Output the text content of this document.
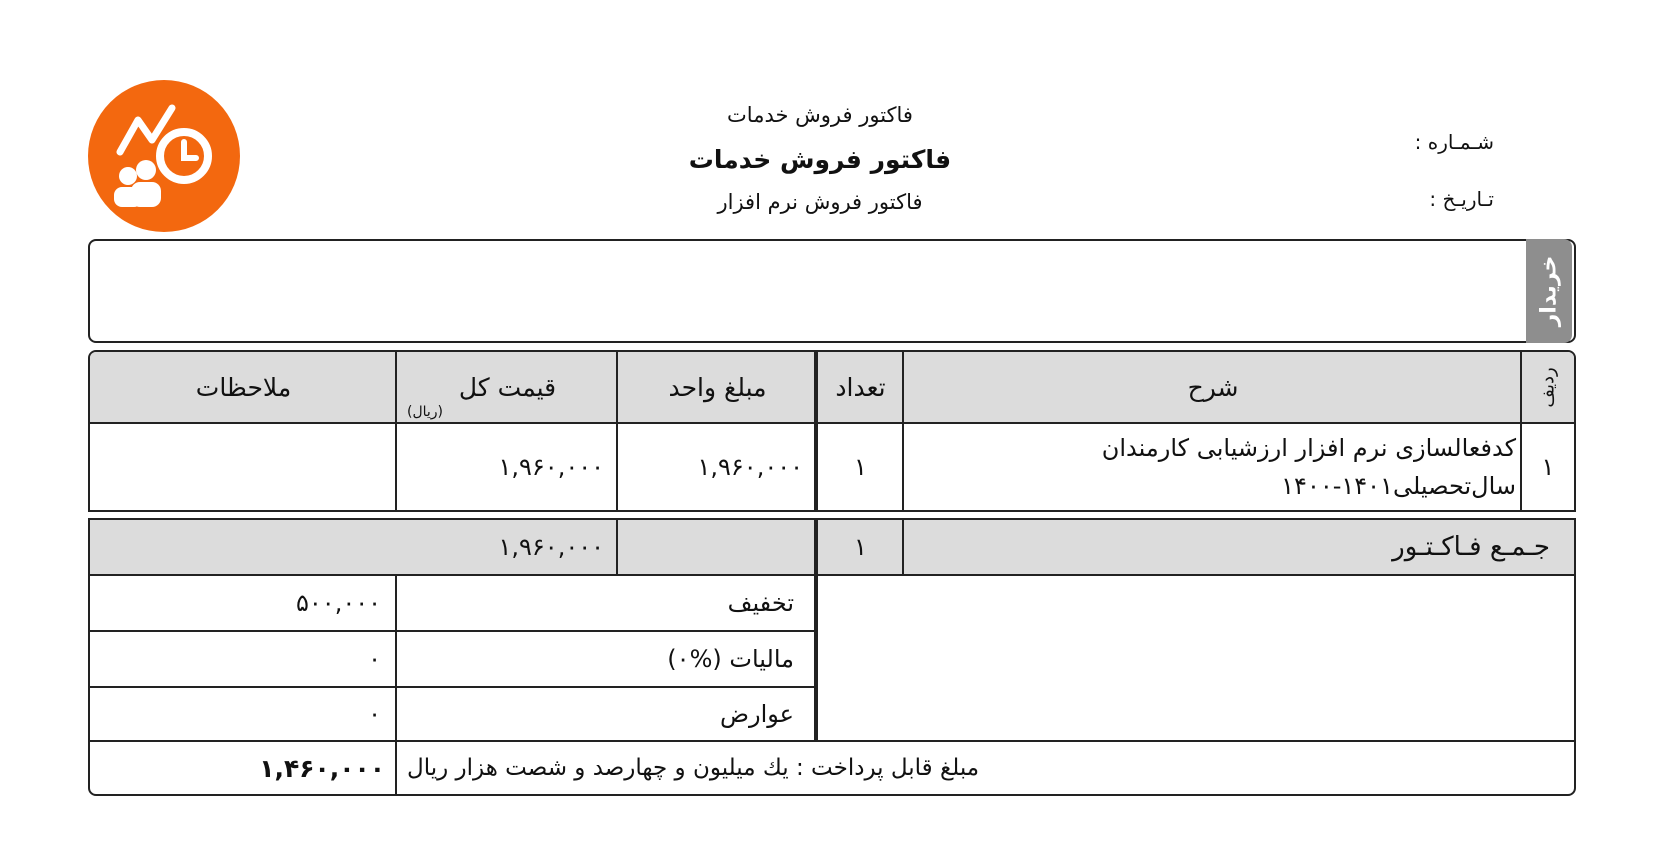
فاکتور فروش خدمات
فاکتور فروش خدمات
فاکتور فروش نرم افزار
شـمـاره :
تـاریـخ :
خریدار
ردیف
شرح
تعداد
مبلغ واحد
قیمت کل
(ریال)
ملاحظات
۱
کدفعالسازی نرم افزار ارزشیابی کارمندان
سال‌تحصیلی۱۴۰۱-۱۴۰۰
۱
۱,۹۶۰,۰۰۰
۱,۹۶۰,۰۰۰
جـمـع فـاکـتـور
۱
۱,۹۶۰,۰۰۰
تخفیف
۵۰۰,۰۰۰
مالیات (%۰)
۰
عوارض
۰
مبلغ قابل پرداخت : یك میلیون و چهارصد و شصت هزار ریال
۱,۴۶۰,۰۰۰
